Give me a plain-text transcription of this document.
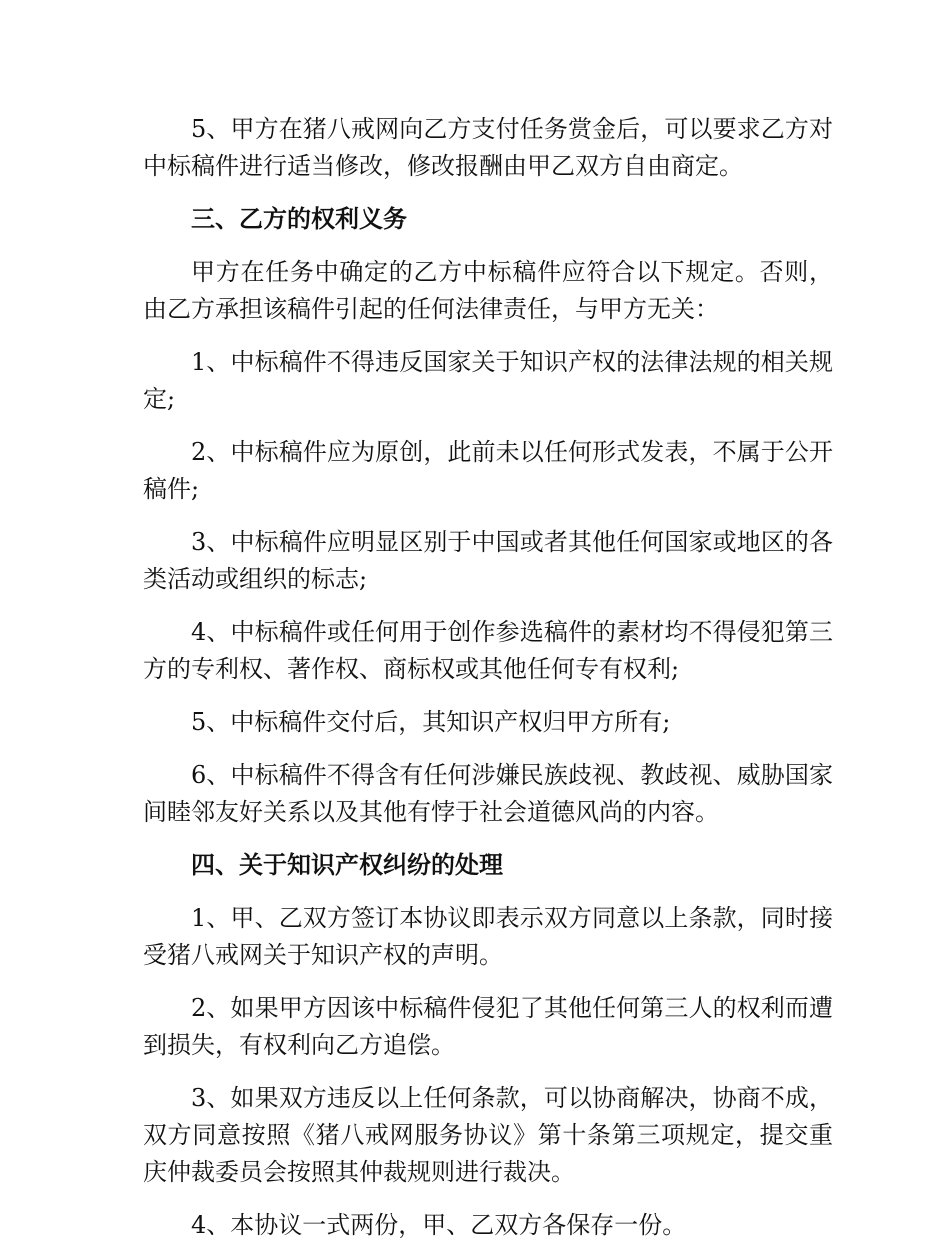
5、甲方在猪八戒网向乙方支付任务赏金后，可以要求乙方对中标稿件进行适当修改，修改报酬由甲乙双方自由商定。

三、乙方的权利义务

甲方在任务中确定的乙方中标稿件应符合以下规定。否则，由乙方承担该稿件引起的任何法律责任，与甲方无关：

1、中标稿件不得违反国家关于知识产权的法律法规的相关规定;

2、中标稿件应为原创，此前未以任何形式发表，不属于公开稿件;

3、中标稿件应明显区别于中国或者其他任何国家或地区的各类活动或组织的标志;

4、中标稿件或任何用于创作参选稿件的素材均不得侵犯第三方的专利权、著作权、商标权或其他任何专有权利;

5、中标稿件交付后，其知识产权归甲方所有;

6、中标稿件不得含有任何涉嫌民族歧视、教歧视、威胁国家间睦邻友好关系以及其他有悖于社会道德风尚的内容。

四、关于知识产权纠纷的处理

1、甲、乙双方签订本协议即表示双方同意以上条款，同时接受猪八戒网关于知识产权的声明。

2、如果甲方因该中标稿件侵犯了其他任何第三人的权利而遭到损失，有权利向乙方追偿。

3、如果双方违反以上任何条款，可以协商解决，协商不成，双方同意按照《猪八戒网服务协议》第十条第三项规定，提交重庆仲裁委员会按照其仲裁规则进行裁决。

4、本协议一式两份，甲、乙双方各保存一份。
